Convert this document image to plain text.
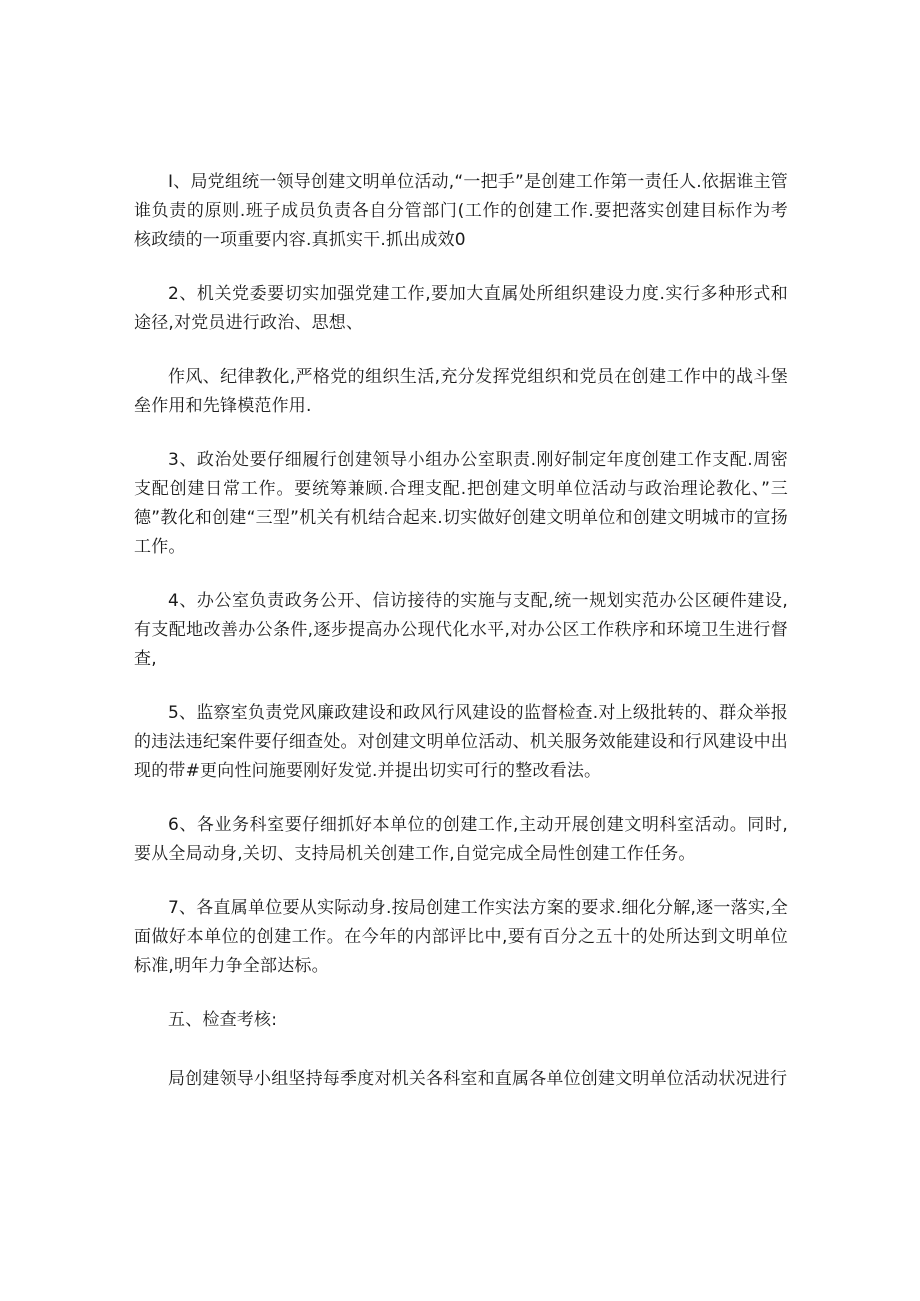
I、局党组统一领导创建文明单位活动,“一把手”是创建工作第一责任人.依据谁主管谁负责的原则.班子成员负责各自分管部门(工作的创建工作.要把落实创建目标作为考核政绩的一项重要内容.真抓实干.抓出成效0

2、机关党委要切实加强党建工作,要加大直属处所组织建设力度.实行多种形式和途径,对党员进行政治、思想、

作风、纪律教化,严格党的组织生活,充分发挥党组织和党员在创建工作中的战斗堡垒作用和先锋模范作用.

3、政治处要仔细履行创建领导小组办公室职责.刚好制定年度创建工作支配.周密支配创建日常工作。要统筹兼顾.合理支配.把创建文明单位活动与政治理论教化、”三德”教化和创建“三型”机关有机结合起来.切实做好创建文明单位和创建文明城市的宣扬工作。

4、办公室负责政务公开、信访接待的实施与支配,统一规划实范办公区硬件建设,有支配地改善办公条件,逐步提高办公现代化水平,对办公区工作秩序和环境卫生进行督查,

5、监察室负责党风廉政建设和政风行风建设的监督检查.对上级批转的、群众举报的违法违纪案件要仔细查处。对创建文明单位活动、机关服务效能建设和行风建设中出现的带#更向性问施要刚好发觉.并提出切实可行的整改看法。

6、各业务科室要仔细抓好本单位的创建工作,主动开展创建文明科室活动。同时,要从全局动身,关切、支持局机关创建工作,自觉完成全局性创建工作任务。

7、各直属单位要从实际动身.按局创建工作实法方案的要求.细化分解,逐一落实,全面做好本单位的创建工作。在今年的内部评比中,要有百分之五十的处所达到文明单位标准,明年力争全部达标。

五、检查考核:

局创建领导小组坚持每季度对机关各科室和直属各单位创建文明单位活动状况进行
